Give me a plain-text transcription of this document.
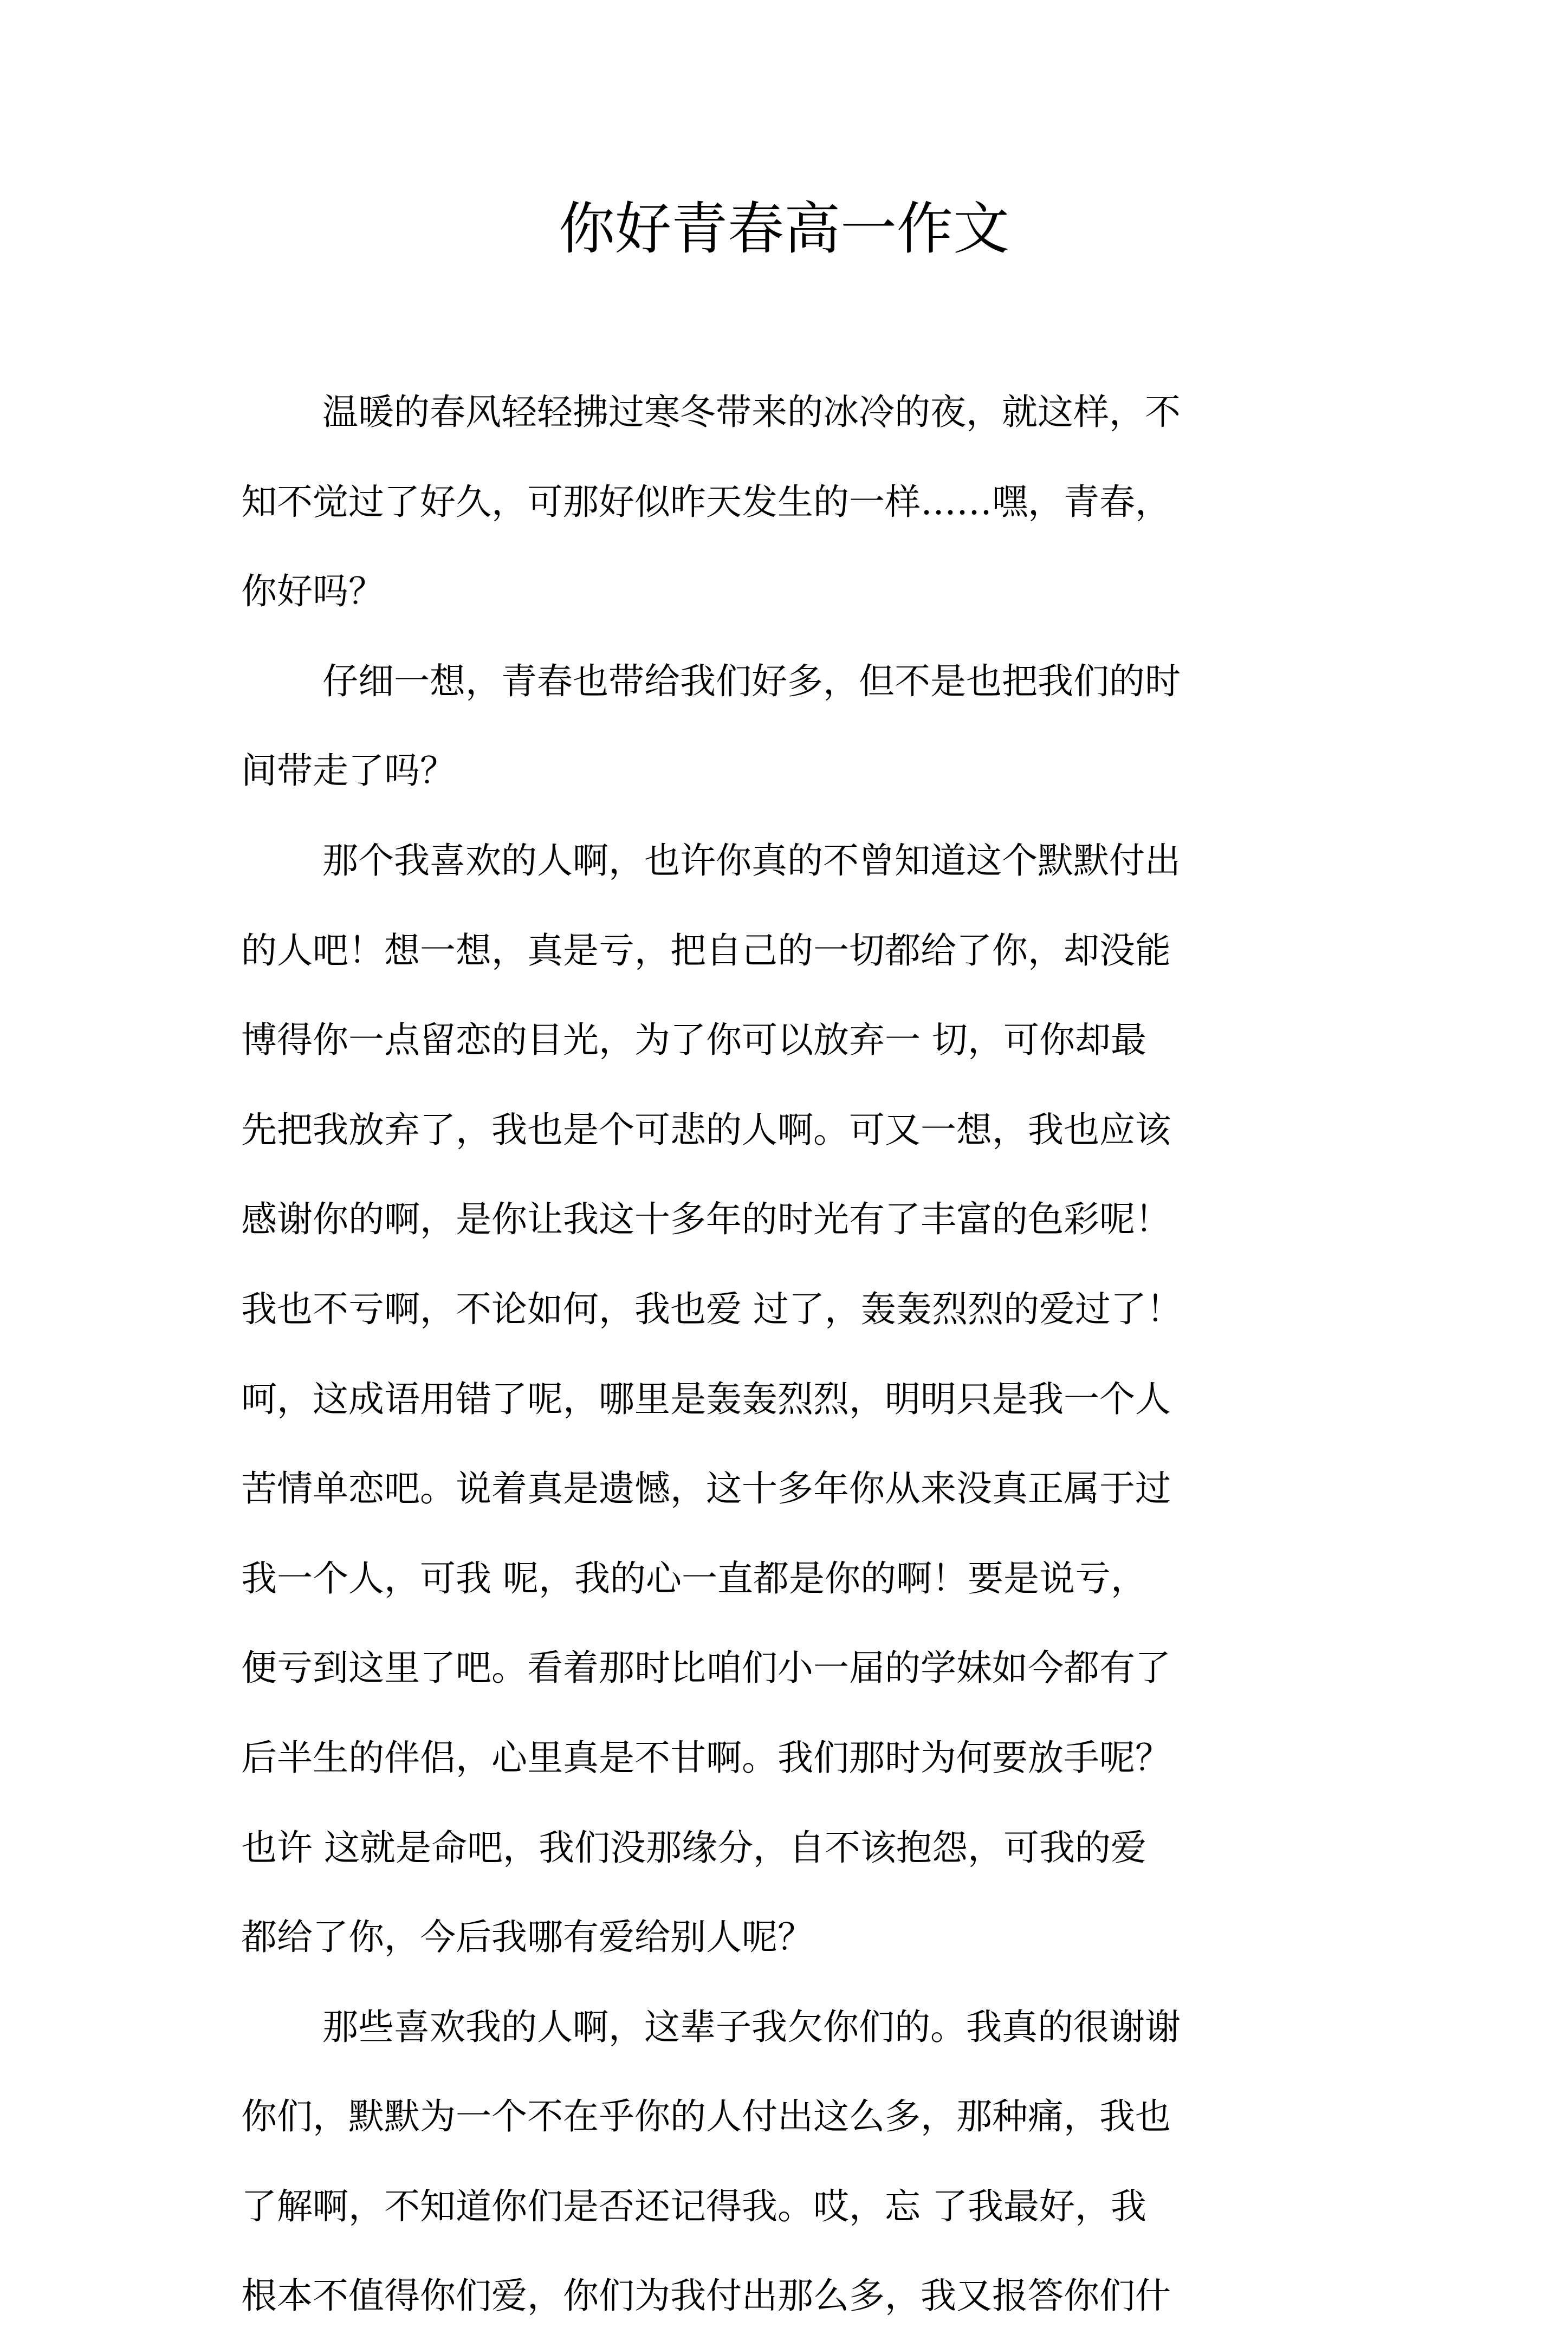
你好青春高一作文
温暖的春风轻轻拂过寒冬带来的冰冷的夜，就这样，不
知不觉过了好久，可那好似昨天发生的一样……嘿，青春，
你好吗？
仔细一想，青春也带给我们好多，但不是也把我们的时
间带走了吗？
那个我喜欢的人啊，也许你真的不曾知道这个默默付出
的人吧！想一想，真是亏，把自己的一切都给了你，却没能
博得你一点留恋的目光，为了你可以放弃一 切，可你却最
先把我放弃了，我也是个可悲的人啊。可又一想，我也应该
感谢你的啊，是你让我这十多年的时光有了丰富的色彩呢！
我也不亏啊，不论如何，我也爱 过了，轰轰烈烈的爱过了！
呵，这成语用错了呢，哪里是轰轰烈烈，明明只是我一个人
苦情单恋吧。说着真是遗憾，这十多年你从来没真正属于过
我一个人，可我 呢，我的心一直都是你的啊！要是说亏，
便亏到这里了吧。看着那时比咱们小一届的学妹如今都有了
后半生的伴侣，心里真是不甘啊。我们那时为何要放手呢？
也许 这就是命吧，我们没那缘分，自不该抱怨，可我的爱
都给了你，今后我哪有爱给别人呢？
那些喜欢我的人啊，这辈子我欠你们的。我真的很谢谢
你们，默默为一个不在乎你的人付出这么多，那种痛，我也
了解啊，不知道你们是否还记得我。哎，忘 了我最好，我
根本不值得你们爱，你们为我付出那么多，我又报答你们什
